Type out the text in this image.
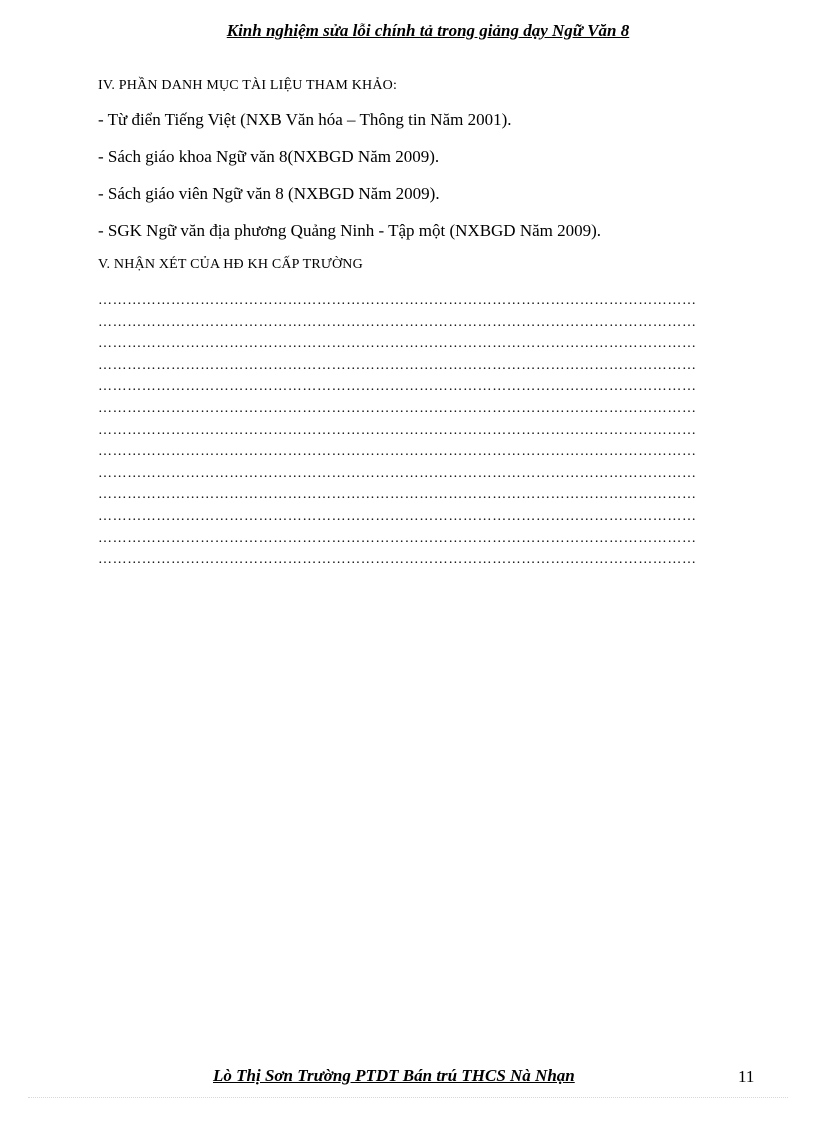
Kinh nghiệm sửa lỗi chính tả trong giảng dạy Ngữ Văn 8
IV. PHẦN DANH MỤC TÀI LIỆU THAM KHẢO:
- Từ điển Tiếng Việt (NXB Văn hóa – Thông tin Năm 2001).
- Sách giáo khoa Ngữ văn 8(NXBGD Năm 2009).
- Sách giáo viên Ngữ văn 8 (NXBGD Năm 2009).
- SGK Ngữ văn địa phương Quảng Ninh - Tập một (NXBGD Năm 2009).
V. NHẬN XÉT CỦA HĐ KH CẤP TRƯỜNG
……………………………………………………………………………………………………………
……………………………………………………………………………………………………………
……………………………………………………………………………………………………………
……………………………………………………………………………………………………………
……………………………………………………………………………………………………………
……………………………………………………………………………………………………………
……………………………………………………………………………………………………………
……………………………………………………………………………………………………………
……………………………………………………………………………………………………………
……………………………………………………………………………………………………………
……………………………………………………………………………………………………………
……………………………………………………………………………………………………………
……………………………………………………………………………………………………………
Lò Thị Sơn Trường PTDT Bán trú THCS Nà Nhạn	11
